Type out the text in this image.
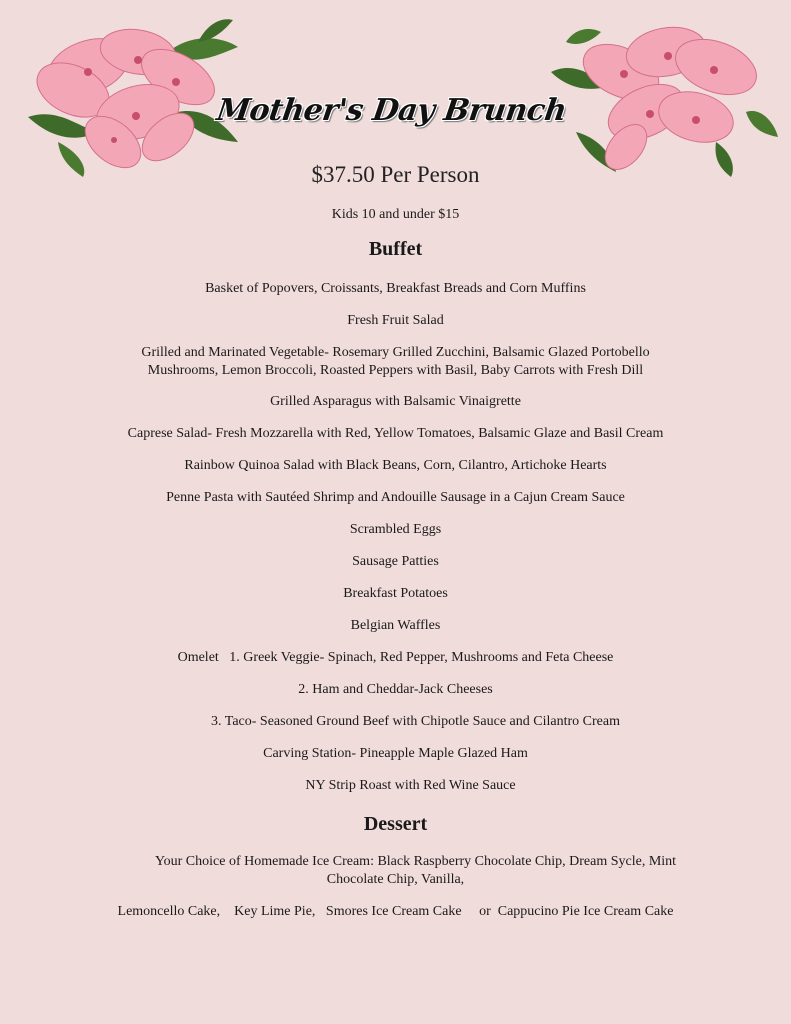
Mother's Day Brunch
$37.50 Per Person
Kids 10 and under $15
Buffet
Basket of Popovers, Croissants, Breakfast Breads and Corn Muffins
Fresh Fruit Salad
Grilled and Marinated Vegetable- Rosemary Grilled Zucchini, Balsamic Glazed Portobello
Mushrooms, Lemon Broccoli, Roasted Peppers with Basil, Baby Carrots with Fresh Dill
Grilled Asparagus with Balsamic Vinaigrette
Caprese Salad- Fresh Mozzarella with Red, Yellow Tomatoes, Balsamic Glaze and Basil Cream
Rainbow Quinoa Salad with Black Beans, Corn, Cilantro, Artichoke Hearts
Penne Pasta with Sautéed Shrimp and Andouille Sausage in a Cajun Cream Sauce
Scrambled Eggs
Sausage Patties
Breakfast Potatoes
Belgian Waffles
Omelet   1. Greek Veggie- Spinach, Red Pepper, Mushrooms and Feta Cheese
2. Ham and Cheddar-Jack Cheeses
3. Taco- Seasoned Ground Beef with Chipotle Sauce and Cilantro Cream
Carving Station- Pineapple Maple Glazed Ham
NY Strip Roast with Red Wine Sauce
Dessert
Your Choice of Homemade Ice Cream: Black Raspberry Chocolate Chip, Dream Sycle, Mint
Chocolate Chip, Vanilla,
Lemoncello Cake,    Key Lime Pie,   Smores Ice Cream Cake     or  Cappucino Pie Ice Cream Cake
